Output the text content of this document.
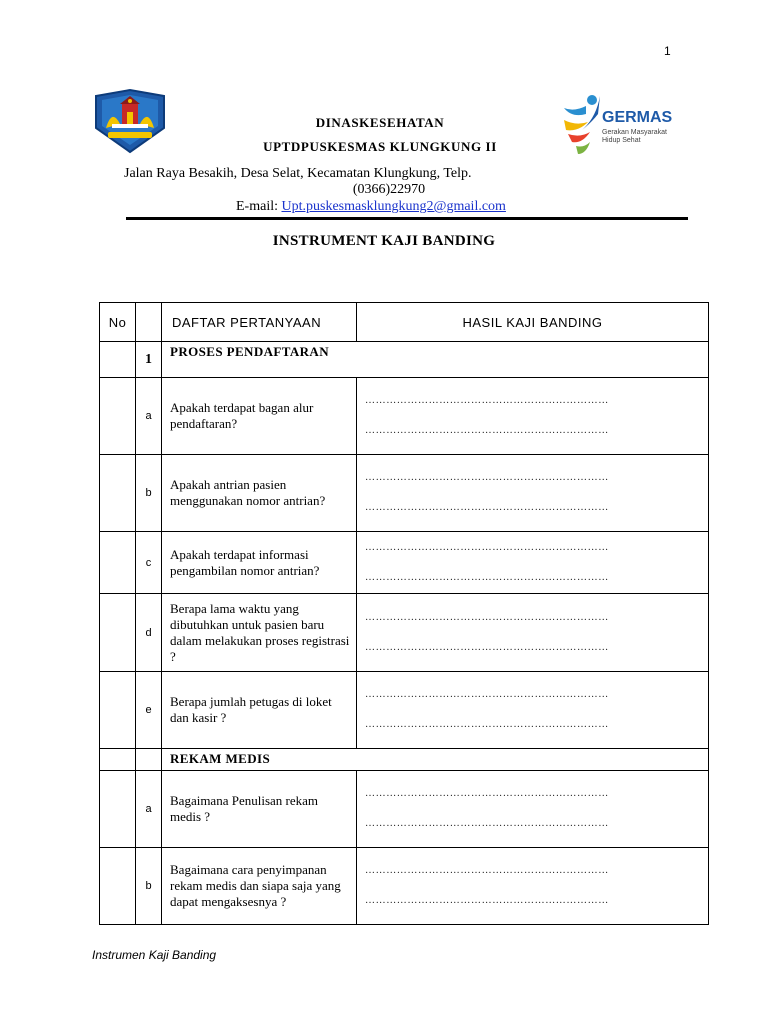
1
GERMAS
Gerakan Masyarakat
Hidup Sehat
DINASKESEHATAN
UPTDPUSKESMAS KLUNGKUNG II
Jalan Raya Besakih, Desa Selat, Kecamatan Klungkung, Telp.
(0366)22970
E-mail: Upt.puskesmasklungkung2@gmail.com
INSTRUMENT KAJI BANDING
No		DAFTAR PERTANYAAN	HASIL KAJI BANDING
	1	PROSES PENDAFTARAN	
	a	Apakah terdapat bagan alur pendaftaran?	……………………………………………………………
……………………………………………………………

	b	Apakah antrian pasien menggunakan nomor antrian?	……………………………………………………………
……………………………………………………………

	c	Apakah terdapat informasi pengambilan nomor antrian?	……………………………………………………………
……………………………………………………………

	d	Berapa lama waktu yang dibutuhkan untuk pasien baru dalam melakukan proses registrasi ?	……………………………………………………………
……………………………………………………………

	e	Berapa jumlah petugas di loket dan kasir ?	……………………………………………………………
……………………………………………………………

		REKAM MEDIS	
	a	Bagaimana Penulisan rekam medis ?	……………………………………………………………
……………………………………………………………

	b	Bagaimana cara penyimpanan rekam medis dan siapa saja yang dapat mengaksesnya ?	……………………………………………………………
……………………………………………………………
Instrumen Kaji Banding
